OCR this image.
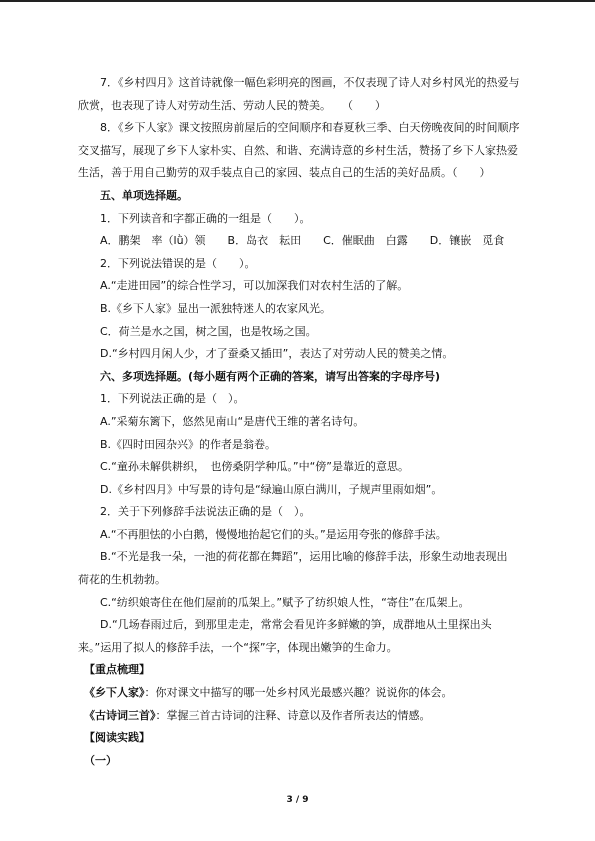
7．《乡村四月》这首诗就像一幅色彩明亮的图画，不仅表现了诗人对乡村风光的热爱与
欣赏，也表现了诗人对劳动生活、劳动人民的赞美。　　（　　）
8．《乡下人家》课文按照房前屋后的空间顺序和春夏秋三季、白天傍晚夜间的时间顺序
交叉描写，展现了乡下人家朴实、自然、和谐、充满诗意的乡村生活，赞扬了乡下人家热爱
生活，善于用自己勤劳的双手装点自己的家园、装点自己的生活的美好品质。（　　）
五、单项选择题。
1．下列读音和字都正确的一组是（　　）。
A．鹏架　率（lǜ）领　　B．岛衣　耘田　　C．催眠曲　白露　　D．镶嵌　觅食
2．下列说法错误的是（　　）。
A.“走进田园”的综合性学习，可以加深我们对农村生活的了解。
B.《乡下人家》显出一派独特迷人的农家风光。
C．荷兰是水之国，树之国，也是牧场之国。
D.“乡村四月闲人少，才了蚕桑又插田”，表达了对劳动人民的赞美之情。
六、多项选择题。(每小题有两个正确的答案，请写出答案的字母序号)
1．下列说法正确的是（　）。
A.”采菊东篱下，悠然见南山“是唐代王维的著名诗句。
B.《四时田园杂兴》的作者是翁卷。
C.“童孙未解供耕织，　也傍桑阴学种瓜。”中“傍”是靠近的意思。
D.《乡村四月》中写景的诗句是“绿遍山原白满川，子规声里雨如烟”。
2．关于下列修辞手法说法正确的是（　）。
A.“不再胆怯的小白鹅，慢慢地抬起它们的头。”是运用夸张的修辞手法。
B.“不光是我一朵，一池的荷花都在舞蹈”，运用比喻的修辞手法，形象生动地表现出
荷花的生机勃勃。
C.“纺织娘寄住在他们屋前的瓜架上。”赋予了纺织娘人性，“寄住”在瓜架上。
D.“几场春雨过后，到那里走走，常常会看见许多鲜嫩的笋，成群地从土里探出头
来。”运用了拟人的修辞手法，一个“探”字，体现出嫩笋的生命力。
【重点梳理】
《乡下人家》：你对课文中描写的哪一处乡村风光最感兴趣？说说你的体会。
《古诗词三首》：掌握三首古诗词的注释、诗意以及作者所表达的情感。
【阅读实践】
（一）
3 / 9
